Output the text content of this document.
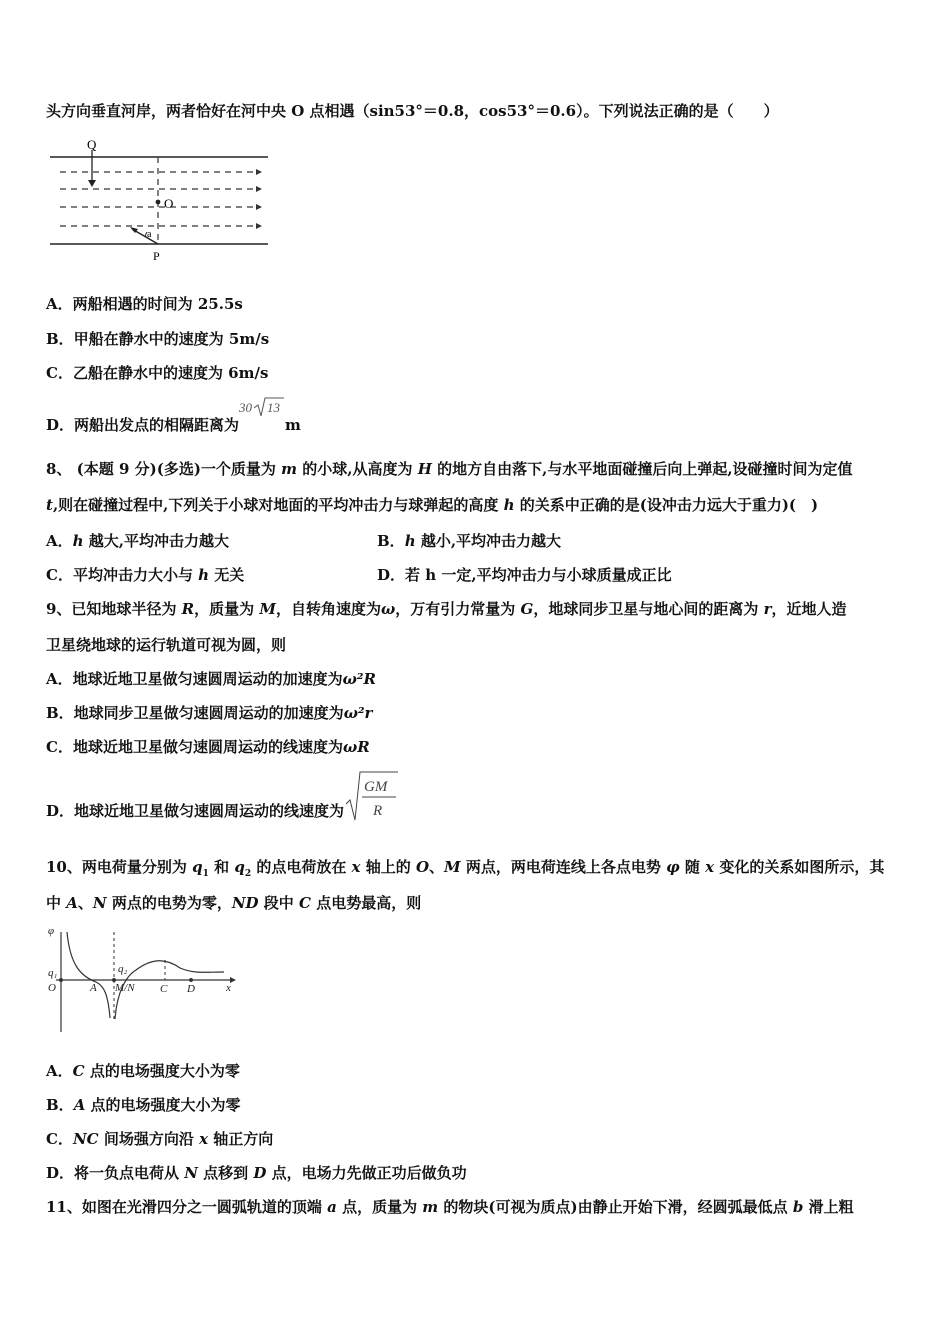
头方向垂直河岸，两者恰好在河中央 O 点相遇（sin53°＝0.8，cos53°＝0.6）。下列说法正确的是（　　）
Q
O
P
a
A．两船相遇的时间为 25.5s
B．甲船在静水中的速度为 5m/s
C．乙船在静水中的速度为 6m/s
D．两船出发点的相隔距离为
30 13
m
8、 (本题 9 分)(多选)一个质量为 m 的小球,从高度为 H 的地方自由落下,与水平地面碰撞后向上弹起,设碰撞时间为定值
t,则在碰撞过程中,下列关于小球对地面的平均冲击力与球弹起的高度 h 的关系中正确的是(设冲击力远大于重力)(　)
A．h 越大,平均冲击力越大	B．h 越小,平均冲击力越大
C．平均冲击力大小与 h 无关	D．若 h 一定,平均冲击力与小球质量成正比
9、已知地球半径为 R，质量为 M，自转角速度为ω，万有引力常量为 G，地球同步卫星与地心间的距离为 r，近地人造
卫星绕地球的运行轨道可视为圆，则
A．地球近地卫星做匀速圆周运动的加速度为ω²R
B．地球同步卫星做匀速圆周运动的加速度为ω²r
C．地球近地卫星做匀速圆周运动的线速度为ωR
D．地球近地卫星做匀速圆周运动的线速度为
GM
R
10、两电荷量分别为 $q_1$ 和 $q_2$ 的点电荷放在 x 轴上的 O、M 两点，两电荷连线上各点电势 φ 随 x 变化的关系如图所示，其
中 A、N 两点的电势为零，ND 段中 C 点电势最高，则
φ
q₁	q₂
O	A M/N C D	x
A．C 点的电场强度大小为零
B．A 点的电场强度大小为零
C．NC 间场强方向沿 x 轴正方向
D．将一负点电荷从 N 点移到 D 点，电场力先做正功后做负功
11、如图在光滑四分之一圆弧轨道的顶端 a 点，质量为 m 的物块(可视为质点)由静止开始下滑，经圆弧最低点 b 滑上粗
